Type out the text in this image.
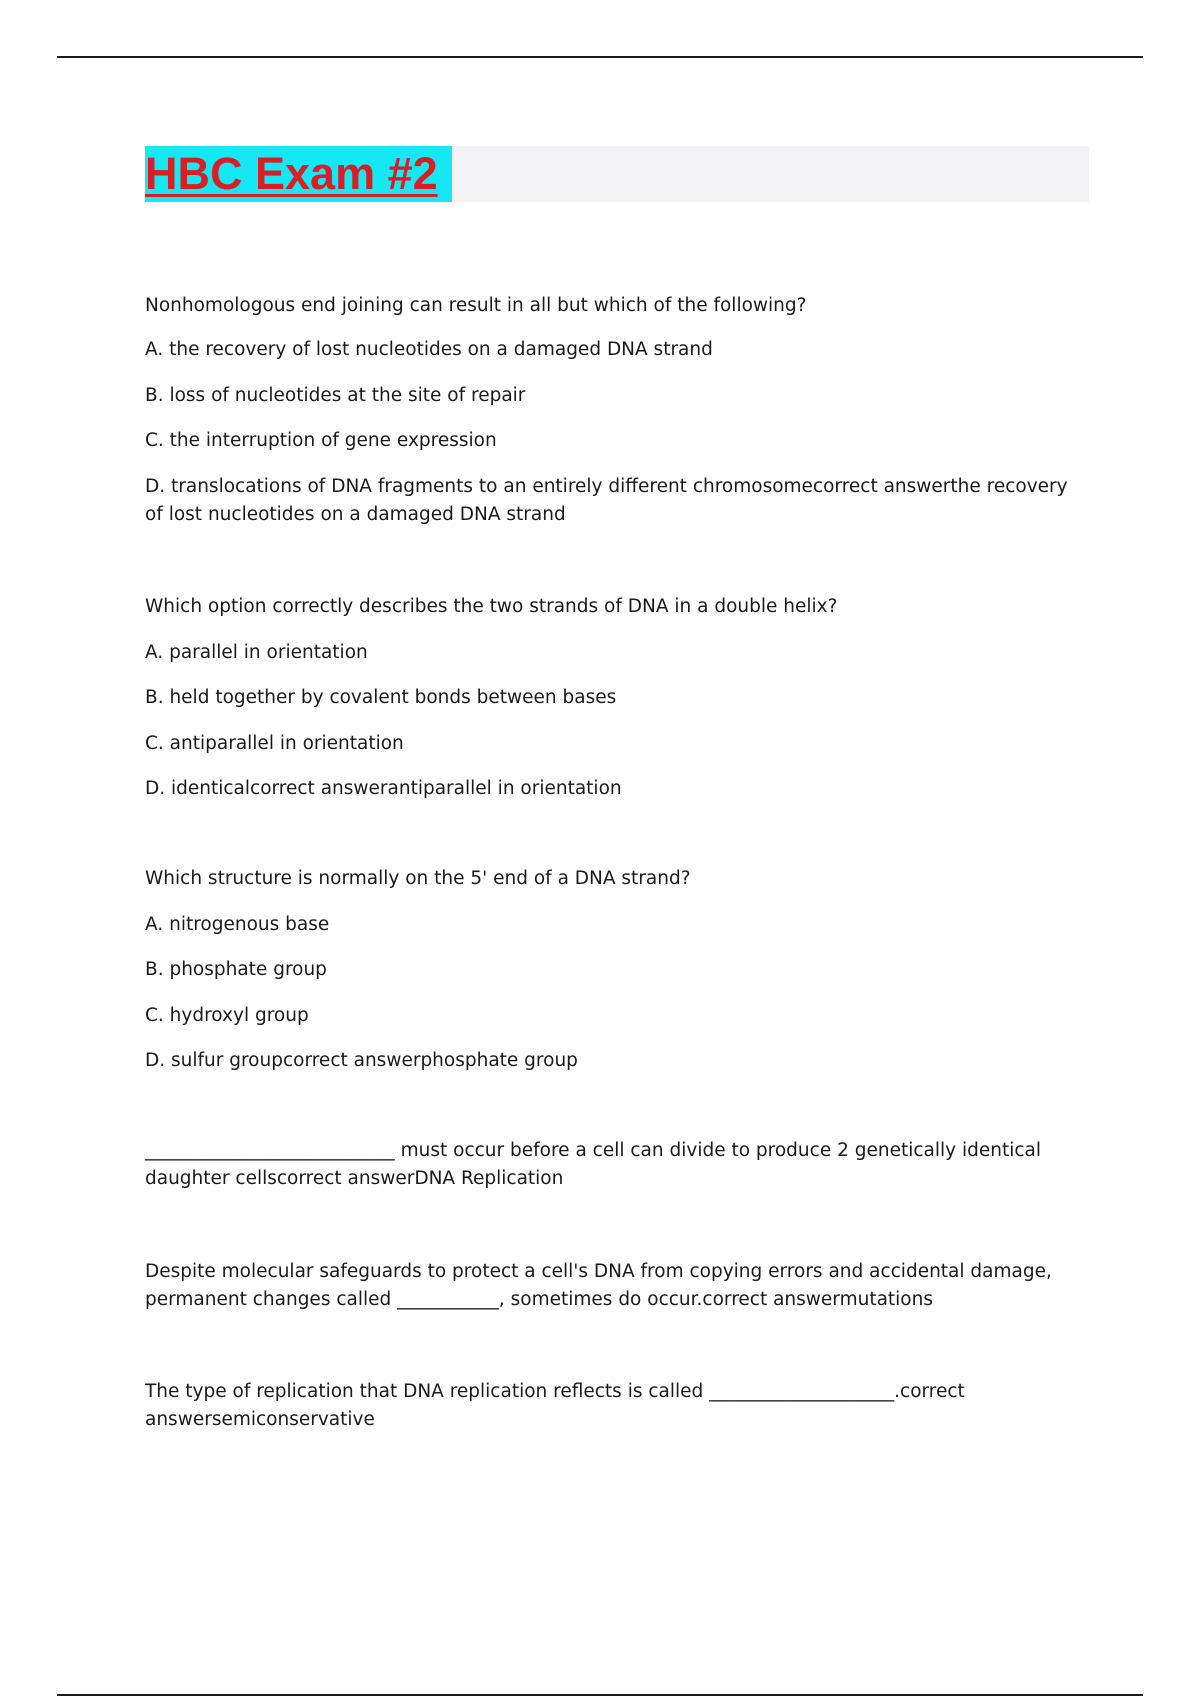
HBC Exam #2
Nonhomologous end joining can result in all but which of the following?
A. the recovery of lost nucleotides on a damaged DNA strand
B. loss of nucleotides at the site of repair
C. the interruption of gene expression
D. translocations of DNA fragments to an entirely different chromosomecorrect answerthe recovery of lost nucleotides on a damaged DNA strand
Which option correctly describes the two strands of DNA in a double helix?
A. parallel in orientation
B. held together by covalent bonds between bases
C. antiparallel in orientation
D. identicalcorrect answerantiparallel in orientation
Which structure is normally on the 5' end of a DNA strand?
A. nitrogenous base
B. phosphate group
C. hydroxyl group
D. sulfur groupcorrect answerphosphate group
___________________________ must occur before a cell can divide to produce 2 genetically identical daughter cellscorrect answerDNA Replication
Despite molecular safeguards to protect a cell's DNA from copying errors and accidental damage, permanent changes called ___________, sometimes do occur.correct answermutations
The type of replication that DNA replication reflects is called ____________________.correct answersemiconservative
